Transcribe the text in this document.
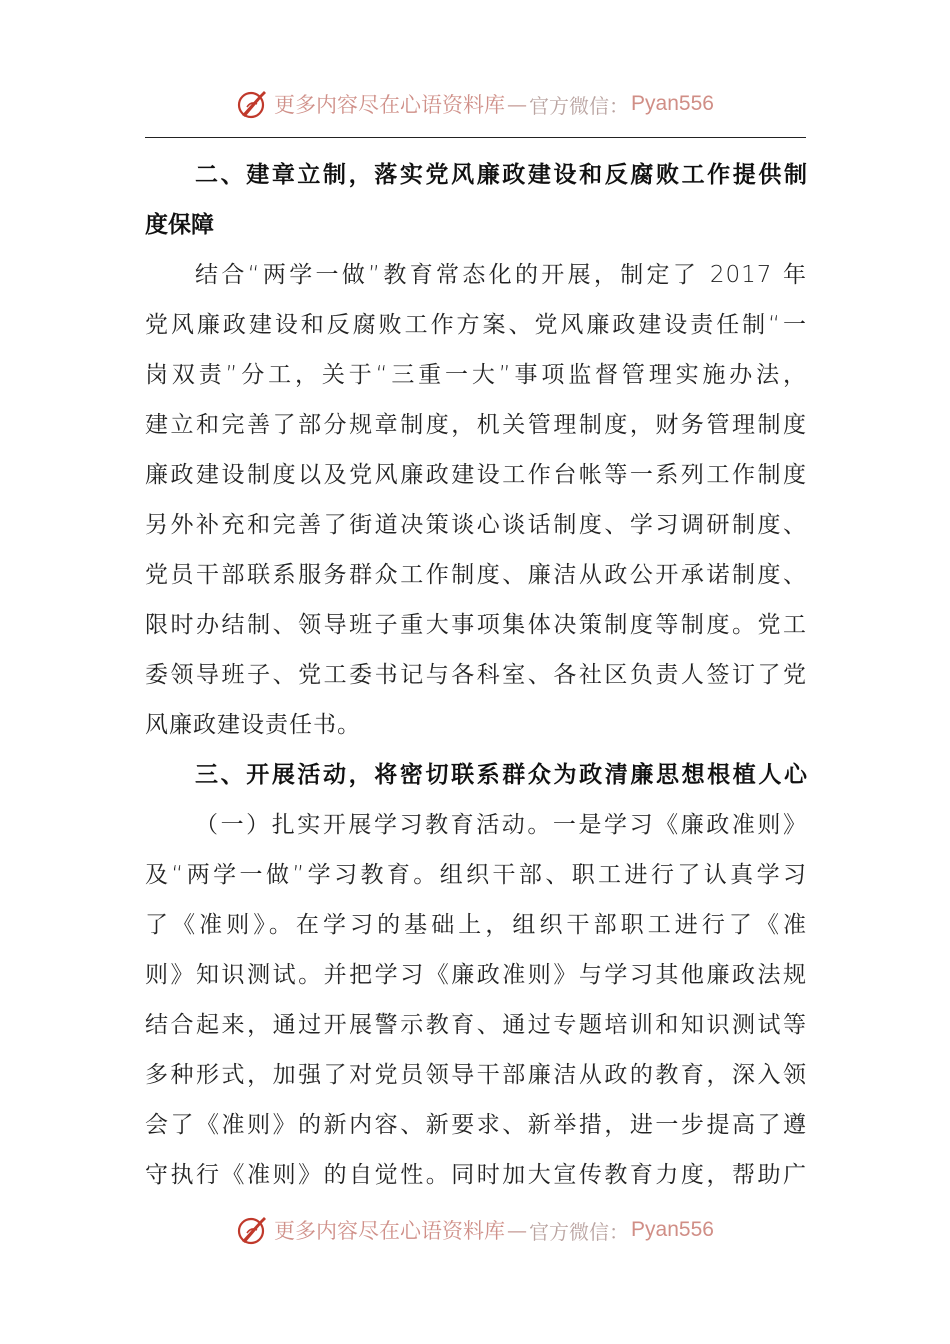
更多内容尽在心语资料库 — 官方微信： Pyan556
二、建章立制，落实党风廉政建设和反腐败工作提供制
度保障
结合“两学一做”教育常态化的开展，制定了 2017 年
党风廉政建设和反腐败工作方案、党风廉政建设责任制“一
岗双责”分工，关于“三重一大”事项监督管理实施办法，
建立和完善了部分规章制度，机关管理制度，财务管理制度
廉政建设制度以及党风廉政建设工作台帐等一系列工作制度
另外补充和完善了街道决策谈心谈话制度、学习调研制度、
党员干部联系服务群众工作制度、廉洁从政公开承诺制度、
限时办结制、领导班子重大事项集体决策制度等制度。党工
委领导班子、党工委书记与各科室、各社区负责人签订了党
风廉政建设责任书。
三、开展活动，将密切联系群众为政清廉思想根植人心
（一）扎实开展学习教育活动。一是学习《廉政准则》
及“两学一做”学习教育。组织干部、职工进行了认真学习
了《准则》。在学习的基础上，组织干部职工进行了《准
则》知识测试。并把学习《廉政准则》与学习其他廉政法规
结合起来，通过开展警示教育、通过专题培训和知识测试等
多种形式，加强了对党员领导干部廉洁从政的教育，深入领
会了《准则》的新内容、新要求、新举措，进一步提高了遵
守执行《准则》的自觉性。同时加大宣传教育力度，帮助广
更多内容尽在心语资料库 — 官方微信： Pyan556
